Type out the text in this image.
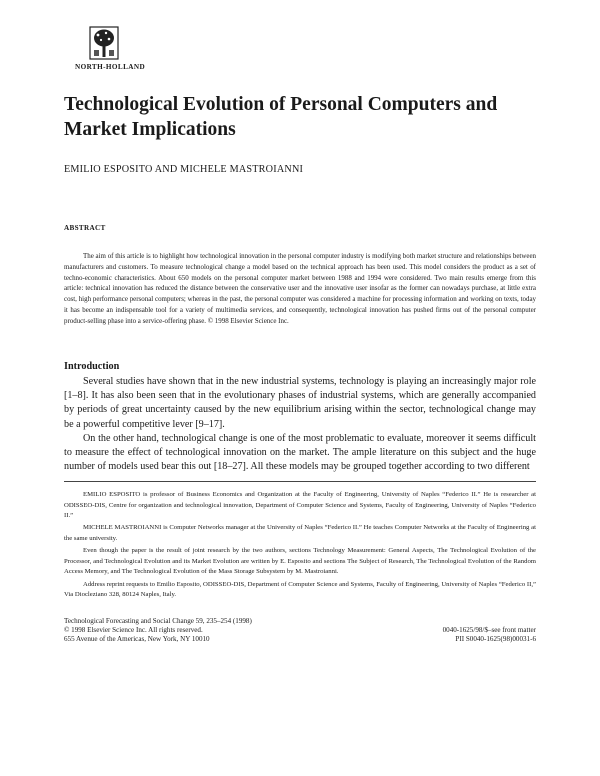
NORTH-HOLLAND
Technological Evolution of Personal Computers and Market Implications

EMILIO ESPOSITO AND MICHELE MASTROIANNI

ABSTRACT

The aim of this article is to highlight how technological innovation in the personal computer industry is modifying both market structure and relationships between manufacturers and customers. To measure technological change a model based on the technical approach has been used. This model considers the product as a set of techno-economic characteristics. About 650 models on the personal computer market between 1988 and 1994 were considered. Two main results emerge from this article: technical innovation has reduced the distance between the conservative user and the innovative user insofar as the former can nowadays purchase, at little extra cost, high performance personal computers; whereas in the past, the personal computer was considered a machine for processing information and working on texts, today it has become an indispensable tool for a variety of multimedia services, and consequently, technological innovation has pushed firms out of the personal computer product-selling phase into a service-offering phase. © 1998 Elsevier Science Inc.

Introduction

Several studies have shown that in the new industrial systems, technology is playing an increasingly major role [1–8]. It has also been seen that in the evolutionary phases of industrial systems, which are generally accompanied by periods of great uncertainty caused by the new equilibrium arising within the sector, technological change may be a powerful competitive lever [9–17].

On the other hand, technological change is one of the most problematic to evaluate, moreover it seems difficult to measure the effect of technological innovation on the market. The ample literature on this subject and the huge number of models used bear this out [18–27]. All these models may be grouped together according to two different

EMILIO ESPOSITO is professor of Business Economics and Organization at the Faculty of Engineering, University of Naples “Federico II.” He is researcher at ODISSEO-DIS, Centre for organization and technological innovation, Department of Computer Science and Systems, Faculty of Engineering, University of Naples “Federico II.”

MICHELE MASTROIANNI is Computer Networks manager at the University of Naples “Federico II.” He teaches Computer Networks at the Faculty of Engineering at the same university.

Even though the paper is the result of joint research by the two authors, sections Technology Measurement: General Aspects, The Technological Evolution of the Processor, and Technological Evolution and its Market Evolution are written by E. Esposito and sections The Subject of Research, The Technological Evolution of the Random Access Memory, and The Technological Evolution of the Mass Storage Subsystem by M. Mastroianni.

Address reprint requests to Emilio Esposito, ODISSEO-DIS, Department of Computer Science and Systems, Faculty of Engineering, University of Naples “Federico II,” Via Diocleziano 328, 80124 Naples, Italy.

Technological Forecasting and Social Change 59, 235–254 (1998)
© 1998 Elsevier Science Inc. All rights reserved.	0040-1625/98/$–see front matter
655 Avenue of the Americas, New York, NY 10010	PII S0040-1625(98)00031-6
